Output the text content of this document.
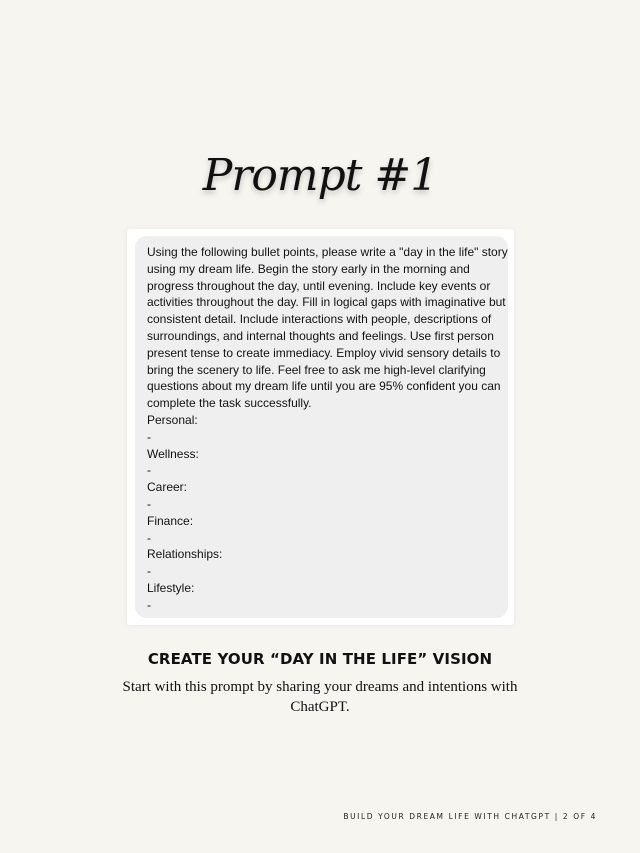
Prompt #1
Using the following bullet points, please write a "day in the life" story
using my dream life. Begin the story early in the morning and
progress throughout the day, until evening. Include key events or
activities throughout the day. Fill in logical gaps with imaginative but
consistent detail. Include interactions with people, descriptions of
surroundings, and internal thoughts and feelings. Use first person
present tense to create immediacy. Employ vivid sensory details to
bring the scenery to life. Feel free to ask me high-level clarifying
questions about my dream life until you are 95% confident you can
complete the task successfully.
Personal:
-
Wellness:
-
Career:
-
Finance:
-
Relationships:
-
Lifestyle:
-
CREATE YOUR “DAY IN THE LIFE” VISION
Start with this prompt by sharing your dreams and intentions with ChatGPT.
BUILD YOUR DREAM LIFE WITH CHATGPT | 2 OF 4
